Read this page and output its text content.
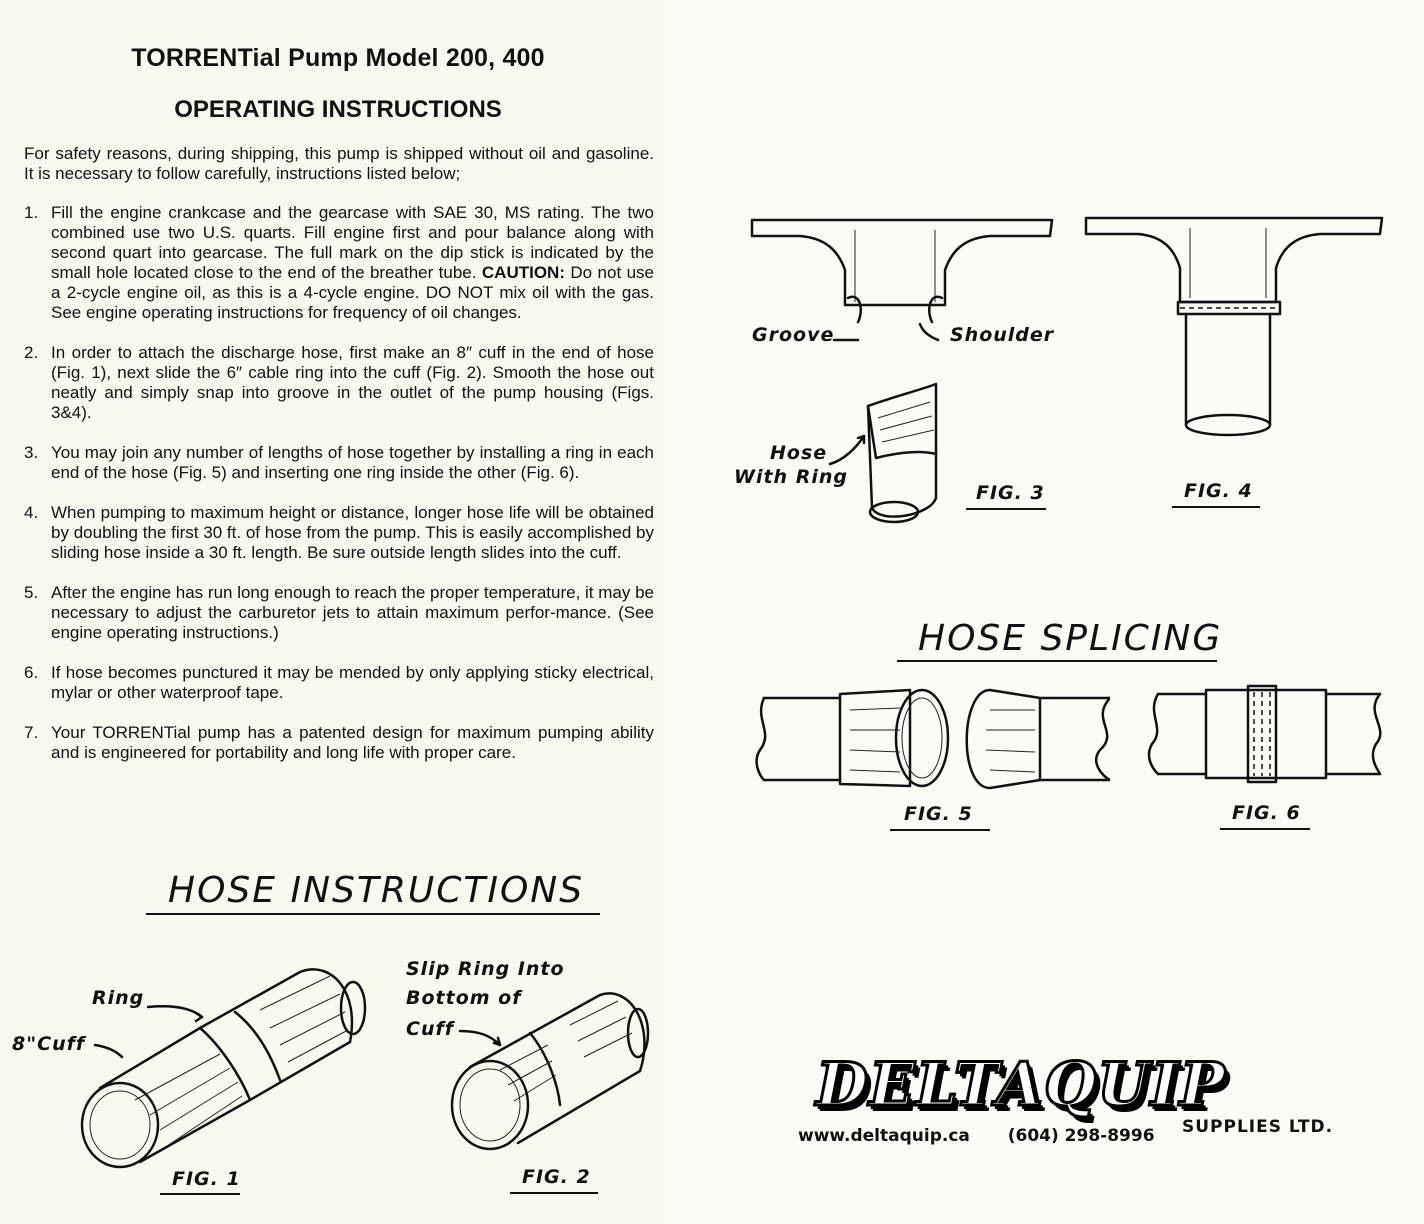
TORRENTial Pump Model 200, 400
OPERATING INSTRUCTIONS

For safety reasons, during shipping, this pump is shipped without oil and gasoline. It is necessary to follow carefully, instructions listed below;

1. Fill the engine crankcase and the gearcase with SAE 30, MS rating. The two combined use two U.S. quarts. Fill engine first and pour balance along with second quart into gearcase. The full mark on the dip stick is indicated by the small hole located close to the end of the breather tube. CAUTION: Do not use a 2-cycle engine oil, as this is a 4-cycle engine. DO NOT mix oil with the gas. See engine operating instructions for frequency of oil changes.
2. In order to attach the discharge hose, first make an 8″ cuff in the end of hose (Fig. 1), next slide the 6″ cable ring into the cuff (Fig. 2). Smooth the hose out neatly and simply snap into groove in the outlet of the pump housing (Figs. 3&4).
3. You may join any number of lengths of hose together by installing a ring in each end of the hose (Fig. 5) and inserting one ring inside the other (Fig. 6).
4. When pumping to maximum height or distance, longer hose life will be obtained by doubling the first 30 ft. of hose from the pump. This is easily accomplished by sliding hose inside a 30 ft. length. Be sure outside length slides into the cuff.
5. After the engine has run long enough to reach the proper temperature, it may be necessary to adjust the carburetor jets to attain maximum perfor-mance. (See engine operating instructions.)
6. If hose becomes punctured it may be mended by only applying sticky electrical, mylar or other waterproof tape.
7. Your TORRENTial pump has a patented design for maximum pumping ability and is engineered for portability and long life with proper care.
HOSE INSTRUCTIONS
Ring
8"Cuff
FIG. 1
Slip Ring Into
Bottom of
Cuff
FIG. 2
Groove	Shoulder
Hose
With Ring
FIG. 3	FIG. 4
HOSE SPLICING
FIG. 5	FIG. 6
DELTAQUIP
SUPPLIES LTD.
www.deltaquip.ca (604) 298-8996
